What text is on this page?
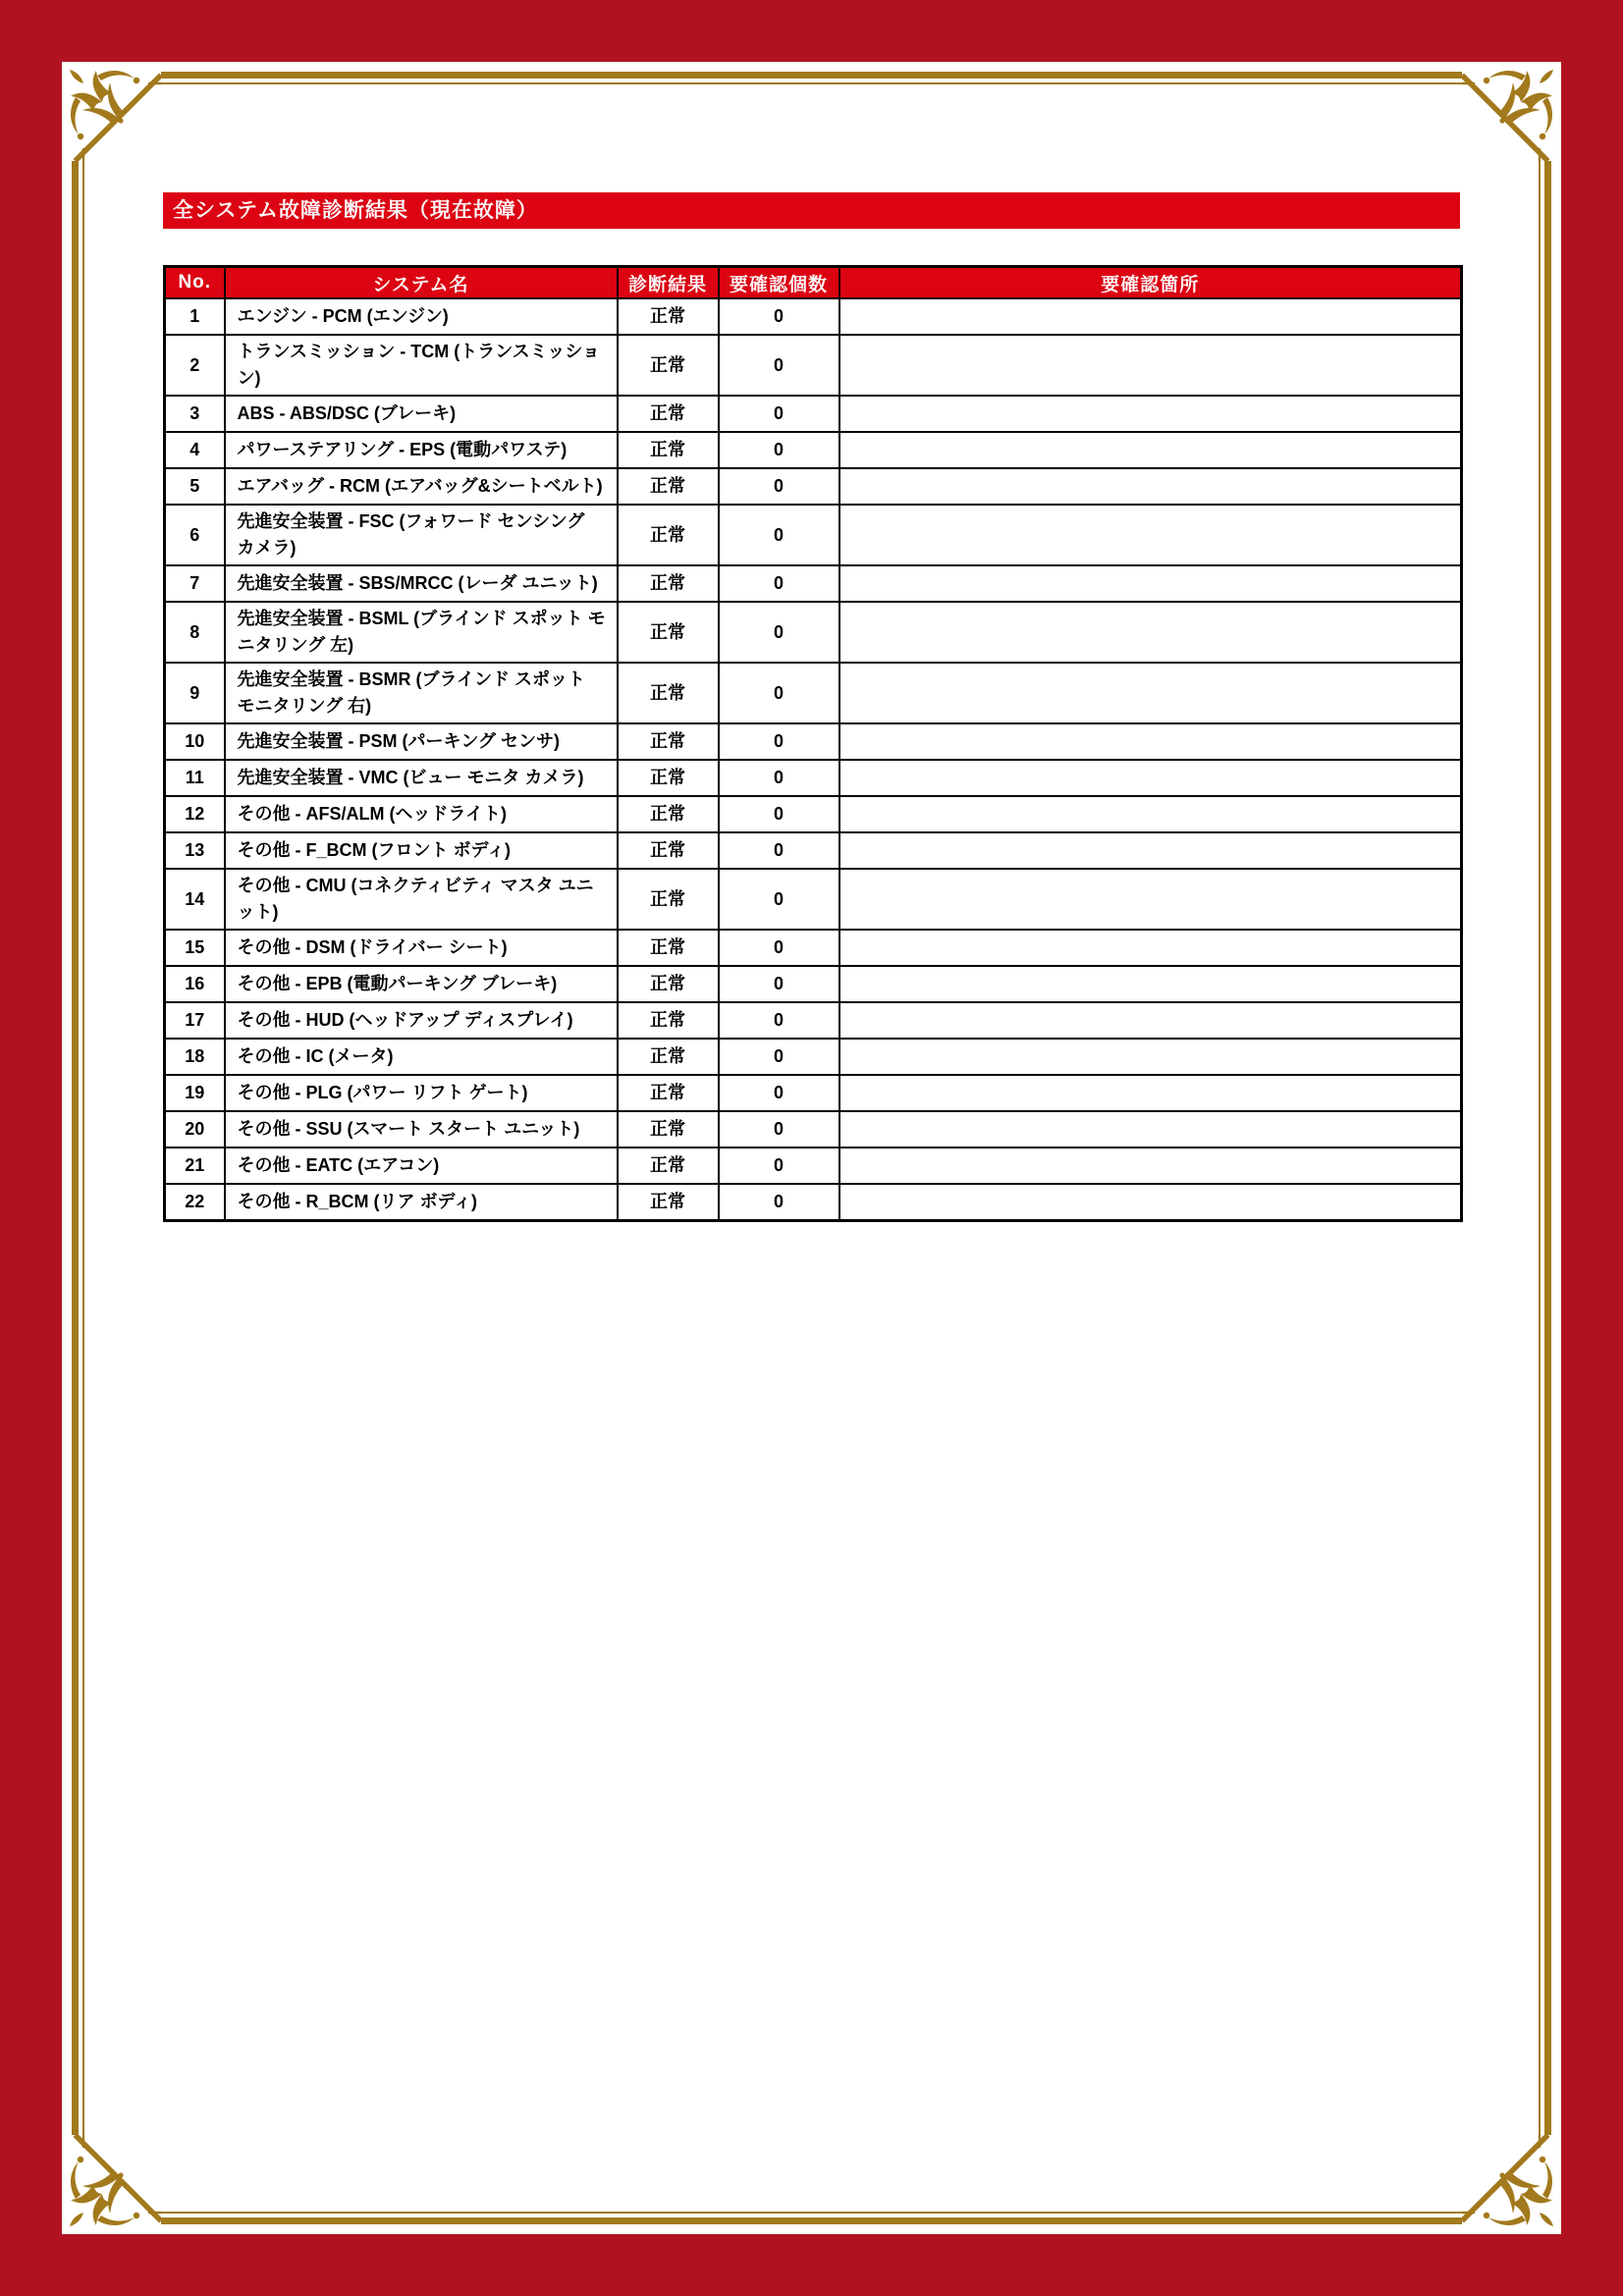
全システム故障診断結果（現在故障）
No.	システム名	診断結果	要確認個数	要確認箇所
1	エンジン - PCM (エンジン)	正常	0	
2	トランスミッション - TCM (トランスミッション)	正常	0	
3	ABS - ABS/DSC (ブレーキ)	正常	0	
4	パワーステアリング - EPS (電動パワステ)	正常	0	
5	エアバッグ - RCM (エアバッグ&シートベルト)	正常	0	
6	先進安全装置 - FSC (フォワード センシング カメラ)	正常	0	
7	先進安全装置 - SBS/MRCC (レーダ ユニット)	正常	0	
8	先進安全装置 - BSML (ブラインド スポット モニタリング 左)	正常	0	
9	先進安全装置 - BSMR (ブラインド スポット モニタリング 右)	正常	0	
10	先進安全装置 - PSM (パーキング センサ)	正常	0	
11	先進安全装置 - VMC (ビュー モニタ カメラ)	正常	0	
12	その他 - AFS/ALM (ヘッドライト)	正常	0	
13	その他 - F_BCM (フロント ボディ)	正常	0	
14	その他 - CMU (コネクティビティ マスタ ユニット)	正常	0	
15	その他 - DSM (ドライバー シート)	正常	0	
16	その他 - EPB (電動パーキング ブレーキ)	正常	0	
17	その他 - HUD (ヘッドアップ ディスプレイ)	正常	0	
18	その他 - IC (メータ)	正常	0	
19	その他 - PLG (パワー リフト ゲート)	正常	0	
20	その他 - SSU (スマート スタート ユニット)	正常	0	
21	その他 - EATC (エアコン)	正常	0	
22	その他 - R_BCM (リア ボディ)	正常	0	
